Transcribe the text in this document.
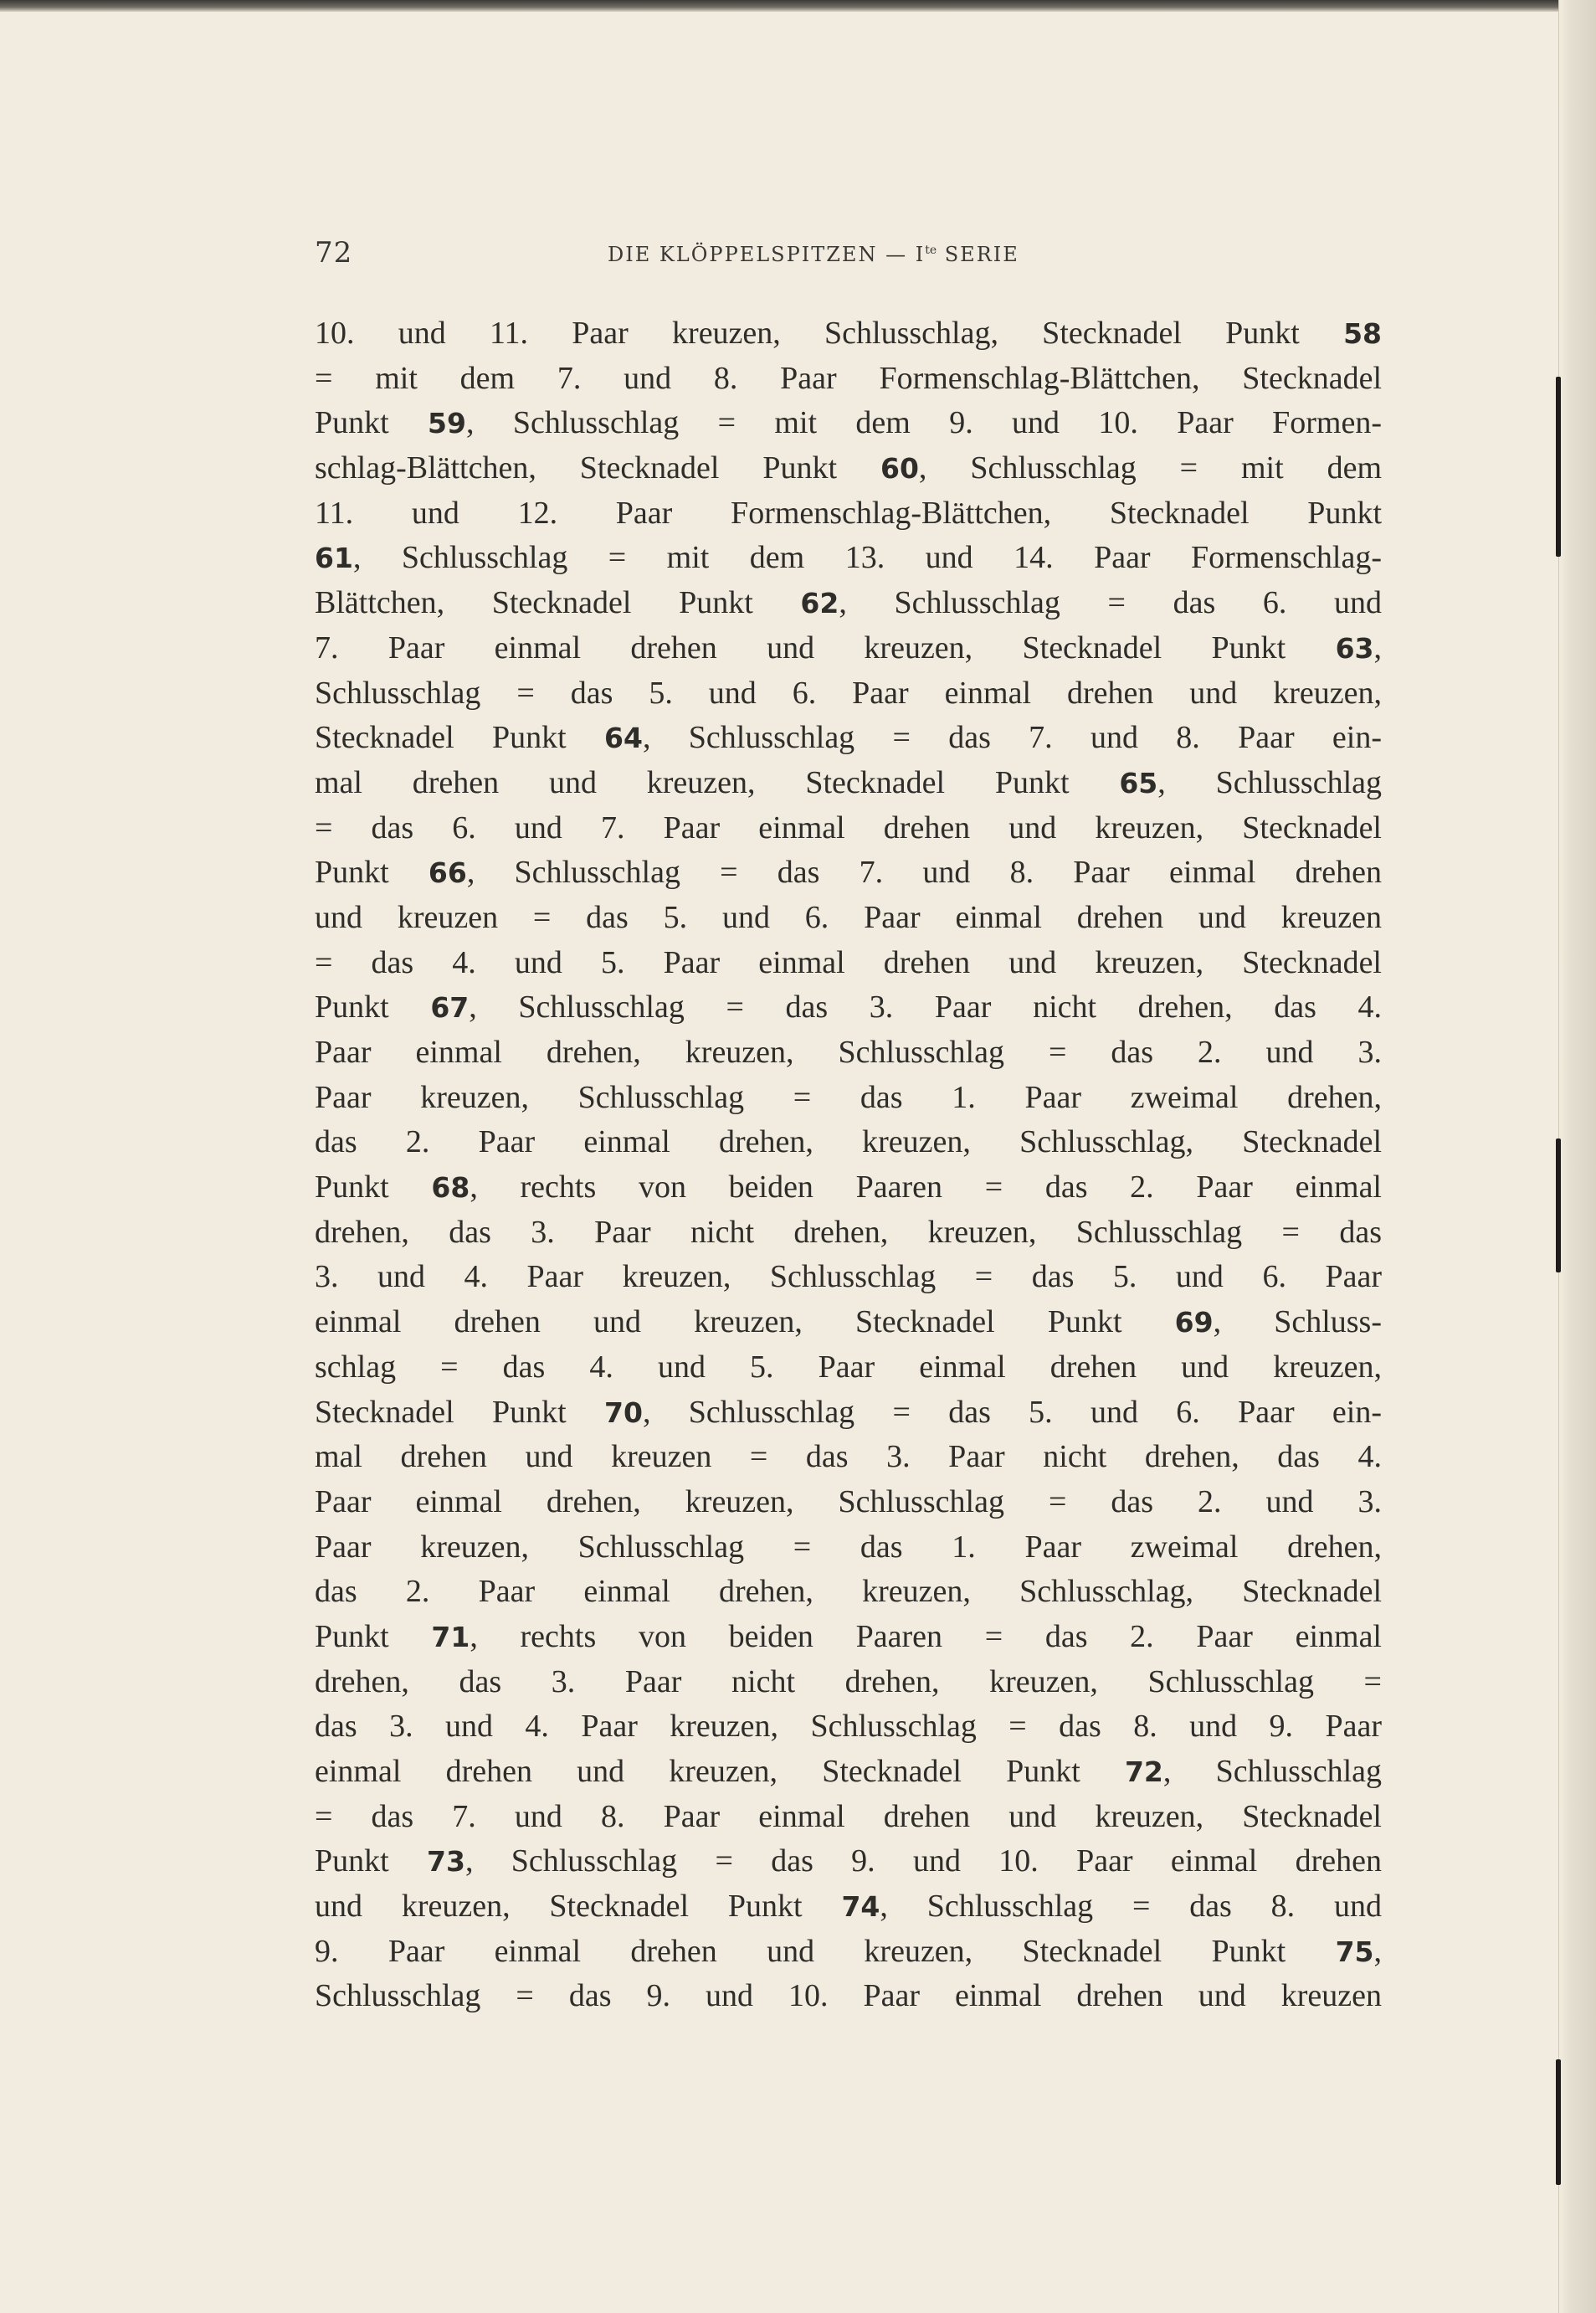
72	DIE KLÖPPELSPITZEN — $I^{te}$ SERIE
10. und 11. Paar kreuzen, Schlusschlag, Stecknadel Punkt 58
= mit dem 7. und 8. Paar Formenschlag-Blättchen, Stecknadel
Punkt 59, Schlusschlag = mit dem 9. und 10. Paar Formen-
schlag-Blättchen, Stecknadel Punkt 60, Schlusschlag = mit dem
11. und 12. Paar Formenschlag-Blättchen, Stecknadel Punkt
61, Schlusschlag = mit dem 13. und 14. Paar Formenschlag-
Blättchen, Stecknadel Punkt 62, Schlusschlag = das 6. und
7. Paar einmal drehen und kreuzen, Stecknadel Punkt 63,
Schlusschlag = das 5. und 6. Paar einmal drehen und kreuzen,
Stecknadel Punkt 64, Schlusschlag = das 7. und 8. Paar ein-
mal drehen und kreuzen, Stecknadel Punkt 65, Schlusschlag
= das 6. und 7. Paar einmal drehen und kreuzen, Stecknadel
Punkt 66, Schlusschlag = das 7. und 8. Paar einmal drehen
und kreuzen = das 5. und 6. Paar einmal drehen und kreuzen
= das 4. und 5. Paar einmal drehen und kreuzen, Stecknadel
Punkt 67, Schlusschlag = das 3. Paar nicht drehen, das 4.
Paar einmal drehen, kreuzen, Schlusschlag = das 2. und 3.
Paar kreuzen, Schlusschlag = das 1. Paar zweimal drehen,
das 2. Paar einmal drehen, kreuzen, Schlusschlag, Stecknadel
Punkt 68, rechts von beiden Paaren = das 2. Paar einmal
drehen, das 3. Paar nicht drehen, kreuzen, Schlusschlag = das
3. und 4. Paar kreuzen, Schlusschlag = das 5. und 6. Paar
einmal drehen und kreuzen, Stecknadel Punkt 69, Schluss-
schlag = das 4. und 5. Paar einmal drehen und kreuzen,
Stecknadel Punkt 70, Schlusschlag = das 5. und 6. Paar ein-
mal drehen und kreuzen = das 3. Paar nicht drehen, das 4.
Paar einmal drehen, kreuzen, Schlusschlag = das 2. und 3.
Paar kreuzen, Schlusschlag = das 1. Paar zweimal drehen,
das 2. Paar einmal drehen, kreuzen, Schlusschlag, Stecknadel
Punkt 71, rechts von beiden Paaren = das 2. Paar einmal
drehen, das 3. Paar nicht drehen, kreuzen, Schlusschlag =
das 3. und 4. Paar kreuzen, Schlusschlag = das 8. und 9. Paar
einmal drehen und kreuzen, Stecknadel Punkt 72, Schlusschlag
= das 7. und 8. Paar einmal drehen und kreuzen, Stecknadel
Punkt 73, Schlusschlag = das 9. und 10. Paar einmal drehen
und kreuzen, Stecknadel Punkt 74, Schlusschlag = das 8. und
9. Paar einmal drehen und kreuzen, Stecknadel Punkt 75,
Schlusschlag = das 9. und 10. Paar einmal drehen und kreuzen
